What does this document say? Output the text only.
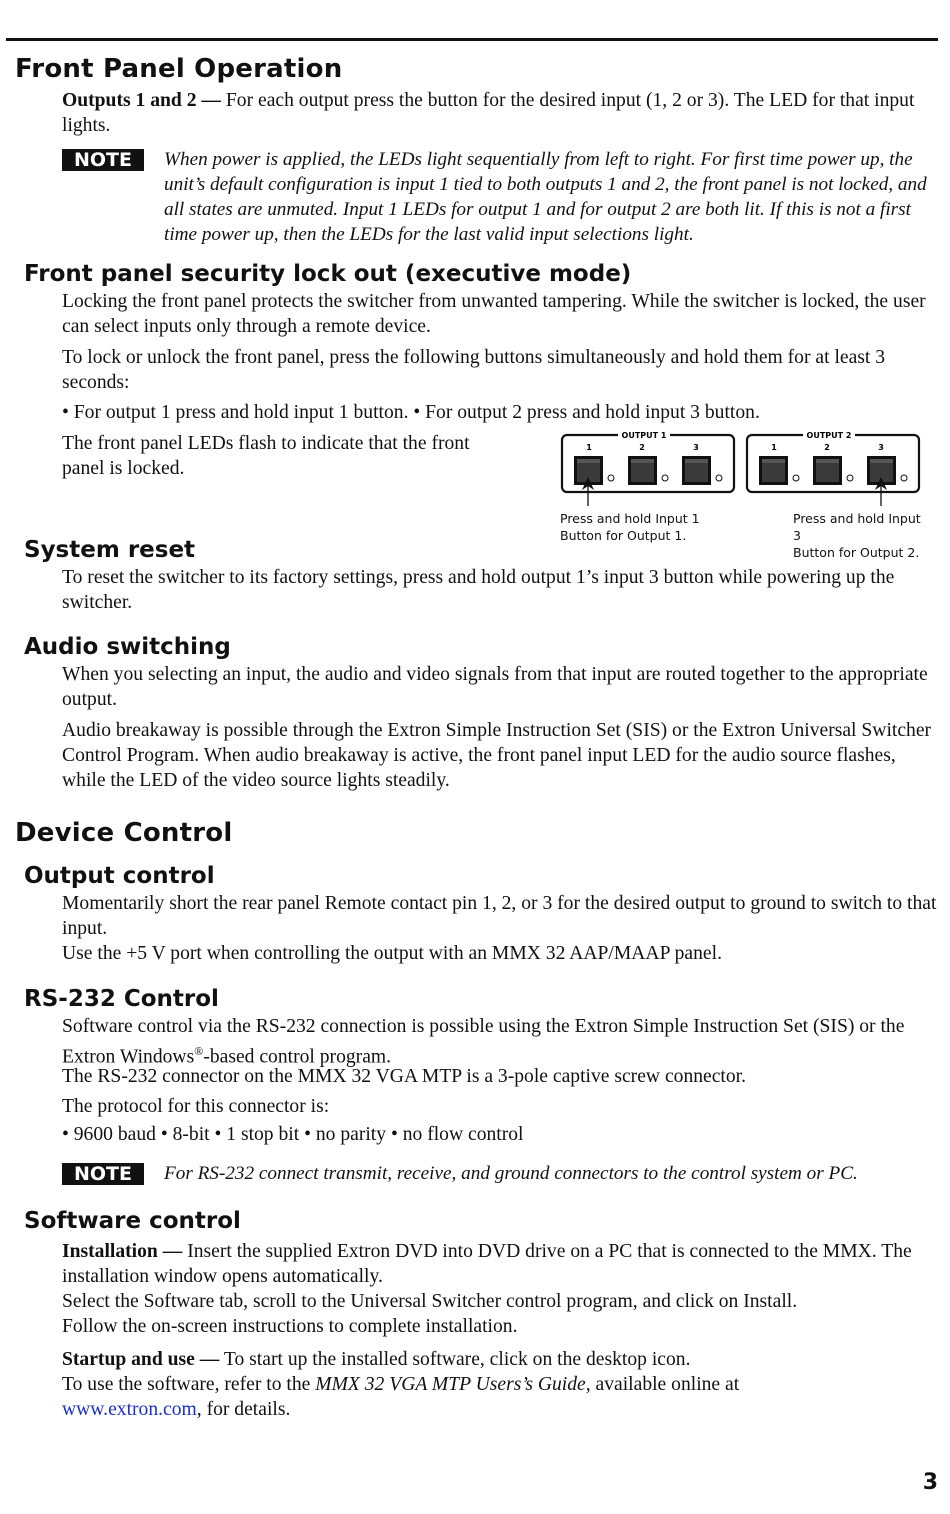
Front Panel Operation

Outputs 1 and 2 — For each output press the button for the desired input (1, 2 or 3). The LED for that input lights.

NOTE	When power is applied, the LEDs light sequentially from left to right. For first time power up, the unit’s default configuration is input 1 tied to both outputs 1 and 2, the front panel is not locked, and all states are unmuted. Input 1 LEDs for output 1 and for output 2 are both lit. If this is not a first time power up, then the LEDs for the last valid input selections light.

Front panel security lock out (executive mode)

Locking the front panel protects the switcher from unwanted tampering. While the switcher is locked, the user can select inputs only through a remote device.

To lock or unlock the front panel, press the following buttons simultaneously and hold them for at least 3 seconds:

• For output 1 press and hold input 1 button. • For output 2 press and hold input 3 button.

The front panel LEDs flash to indicate that the front panel is locked.

OUTPUT 1
1	2	3
OUTPUT 2
1	2	3

Press and hold Input 1
Button for Output 1.

Press and hold Input 3
Button for Output 2.

System reset

To reset the switcher to its factory settings, press and hold output 1’s input 3 button while powering up the switcher.

Audio switching

When you selecting an input, the audio and video signals from that input are routed together to the appropriate output.

Audio breakaway is possible through the Extron Simple Instruction Set (SIS) or the Extron Universal Switcher Control Program. When audio breakaway is active, the front panel input LED for the audio source flashes, while the LED of the video source lights steadily.

Device Control
Output control

Momentarily short the rear panel Remote contact pin 1, 2, or 3 for the desired output to ground to switch to that input.

Use the +5 V port when controlling the output with an MMX 32 AAP/MAAP panel.

RS-232 Control

Software control via the RS-232 connection is possible using the Extron Simple Instruction Set (SIS) or the Extron Windows®-based control program.

The RS-232 connector on the MMX 32 VGA MTP is a 3-pole captive screw connector.

The protocol for this connector is:

• 9600 baud • 8-bit • 1 stop bit • no parity • no flow control

NOTE	For RS-232 connect transmit, receive, and ground connectors to the control system or PC.

Software control

Installation — Insert the supplied Extron DVD into DVD drive on a PC that is connected to the MMX. The installation window opens automatically.

Select the Software tab, scroll to the Universal Switcher control program, and click on Install.

Follow the on-screen instructions to complete installation.

Startup and use — To start up the installed software, click on the desktop icon.

To use the software, refer to the MMX 32 VGA MTP Users’s Guide, available online at
www.extron.com, for details.

3
